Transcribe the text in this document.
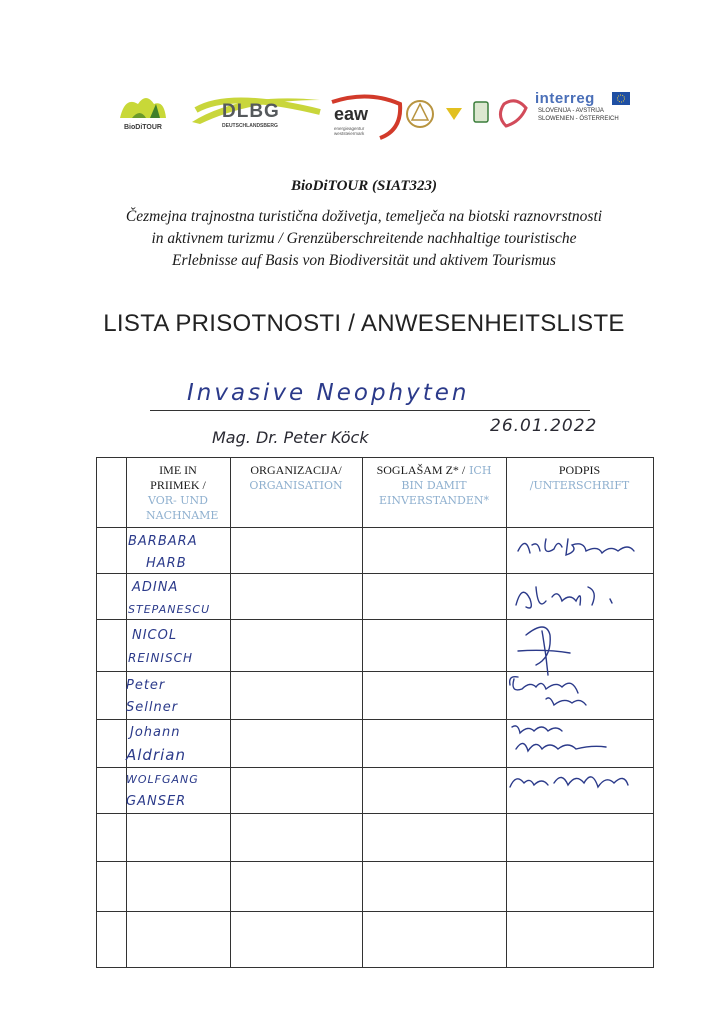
BioDiTOUR
DLBG
DEUTSCHLANDSBERG
eaw
energieagentur weststeiermark
interreg
SLOVENIJA - AVSTRIJA
SLOWENIEN - ÖSTERREICH
BioDiTOUR (SIAT323)
Čezmejna trajnostna turistična doživetja, temelječa na biotski raznovrstnosti
in aktivnem turizmu / Grenzüberschreitende nachhaltige touristische
Erlebnisse auf Basis von Biodiversität und aktivem Tourismus
LISTA PRISOTNOSTI / ANWESENHEITSLISTE
Invasive Neophyten
Mag. Dr. Peter Köck
26.01.2022
IME IN PRIIMEK /
VOR- UND NACHNAME
ORGANIZACIJA/
ORGANISATION
SOGLAŠAM Z* / ICH
BIN DAMIT EINVERSTANDEN*
PODPIS
/UNTERSCHRIFT
BARBARA
HARB
ADINA
STEPANESCU
NICOL
REINISCH
Peter
Sellner
Johann
Aldrian
WOLFGANG
GANSER
